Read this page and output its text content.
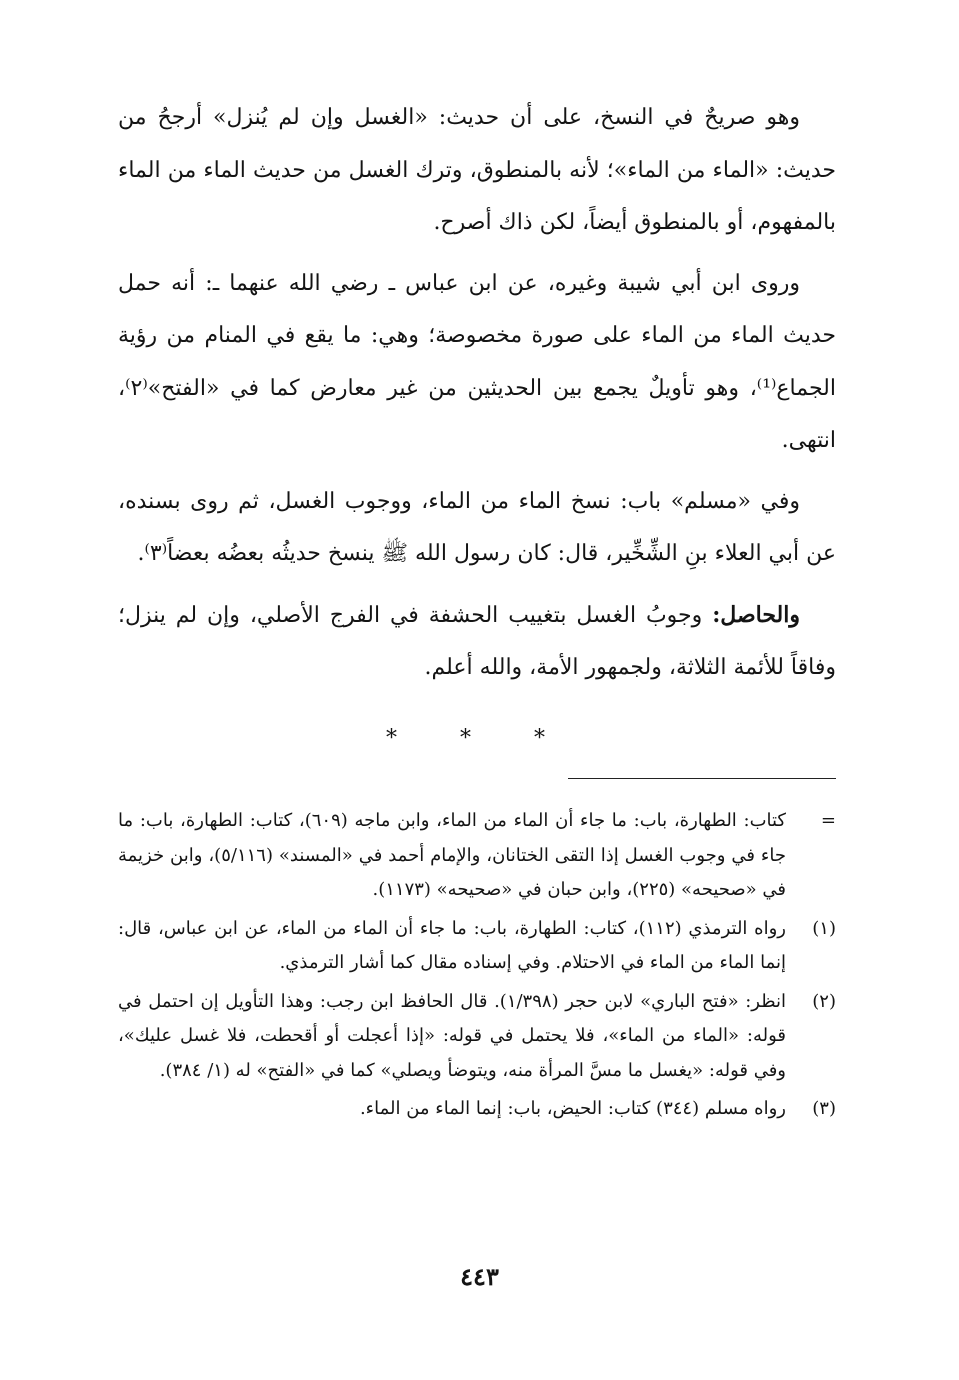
وهو صريحٌ في النسخ، على أن حديث: «الغسل وإن لم يُنزل» أرجحُ من حديث: «الماء من الماء»؛ لأنه بالمنطوق، وترك الغسل من حديث الماء من الماء بالمفهوم، أو بالمنطوق أيضاً، لكن ذاك أصرح.

وروى ابن أبي شيبة وغيره، عن ابن عباس ـ رضي الله عنهما ـ: أنه حمل حديث الماء من الماء على صورة مخصوصة؛ وهي: ما يقع في المنام من رؤية الجماع⁽¹⁾، وهو تأويلٌ يجمع بين الحديثين من غير معارض كما في «الفتح»⁽٢⁾، انتهى.

وفي «مسلم» باب: نسخ الماء من الماء، ووجوب الغسل، ثم روى بسنده، عن أبي العلاء بنِ الشِّخِّير، قال: كان رسول الله ﷺ ينسخ حديثُه بعضُه بعضاً⁽٣⁾.

والحاصل: وجوبُ الغسل بتغييب الحشفة في الفرج الأصلي، وإن لم ينزل؛ وفاقاً للأئمة الثلاثة، ولجمهور الأمة، والله أعلم.

* * *
=
كتاب: الطهارة، باب: ما جاء أن الماء من الماء، وابن ماجه (٦٠٩)، كتاب: الطهارة، باب: ما جاء في وجوب الغسل إذا التقى الختانان، والإمام أحمد في «المسند» (٥/١١٦)، وابن خزيمة في «صحيحه» (٢٢٥)، وابن حبان في «صحيحه» (١١٧٣).
(١)
رواه الترمذي (١١٢)، كتاب: الطهارة، باب: ما جاء أن الماء من الماء، عن ابن عباس، قال: إنما الماء من الماء في الاحتلام. وفي إسناده مقال كما أشار الترمذي.
(٢)
انظر: «فتح الباري» لابن حجر (١/٣٩٨). قال الحافظ ابن رجب: وهذا التأويل إن احتمل في قوله: «الماء من الماء»، فلا يحتمل في قوله: «إذا أعجلت أو أقحطت، فلا غسل عليك»، وفي قوله: «يغسل ما مسَّ المرأة منه، ويتوضأ ويصلي» كما في «الفتح» له (١/ ٣٨٤).
(٣)
رواه مسلم (٣٤٤) كتاب: الحيض، باب: إنما الماء من الماء.
٤٤٣
